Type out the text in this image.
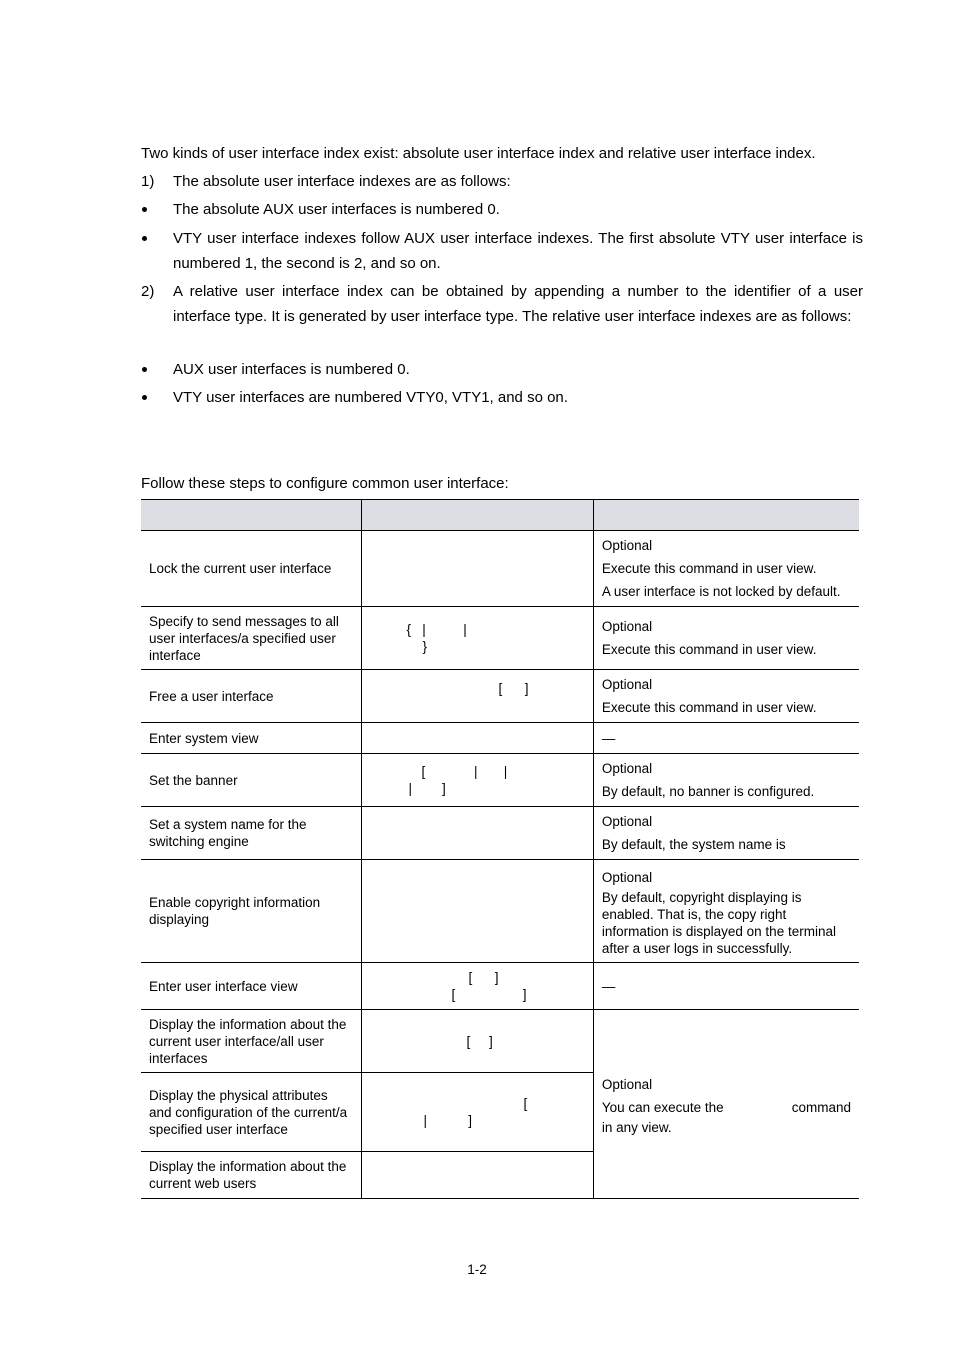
Two kinds of user interface index exist: absolute user interface index and relative user interface index.
1)	The absolute user interface indexes are as follows:
The absolute AUX user interfaces is numbered 0.
VTY user interface indexes follow AUX user interface indexes. The first absolute VTY user interface is numbered 1, the second is 2, and so on.
2)	A relative user interface index can be obtained by appending a number to the identifier of a user interface type. It is generated by user interface type. The relative user interface indexes are as follows:
AUX user interfaces is numbered 0.
VTY user interfaces are numbered VTY0, VTY1, and so on.
Follow these steps to configure common user interface:

Lock the current user interface		Optional
Execute this command in user view.
A user interface is not locked by default.

Specify to send messages to all user interfaces/a specified user interface	{   |          |
}	Optional
Execute this command in user view.

Free a user interface	[      ]	Optional
Execute this command in user view.

Enter system view		—
Set the banner	[             |       |
|        ]	Optional
By default, no banner is configured.

Set a system name for the switching engine		Optional
By default, the system name is

Enable copyright information displaying		Optional
By default, copyright displaying is enabled. That is, the copy right information is displayed on the terminal after a user logs in successfully.

Enter user interface view	[      ]
[                  ]	—
Display the information about the current user interface/all user interfaces	[     ]	Optional
You can execute the command
in any view.

Display the physical attributes and configuration of the current/a specified user interface	[
|           ]	

Display the information about the current web users		
1-2
